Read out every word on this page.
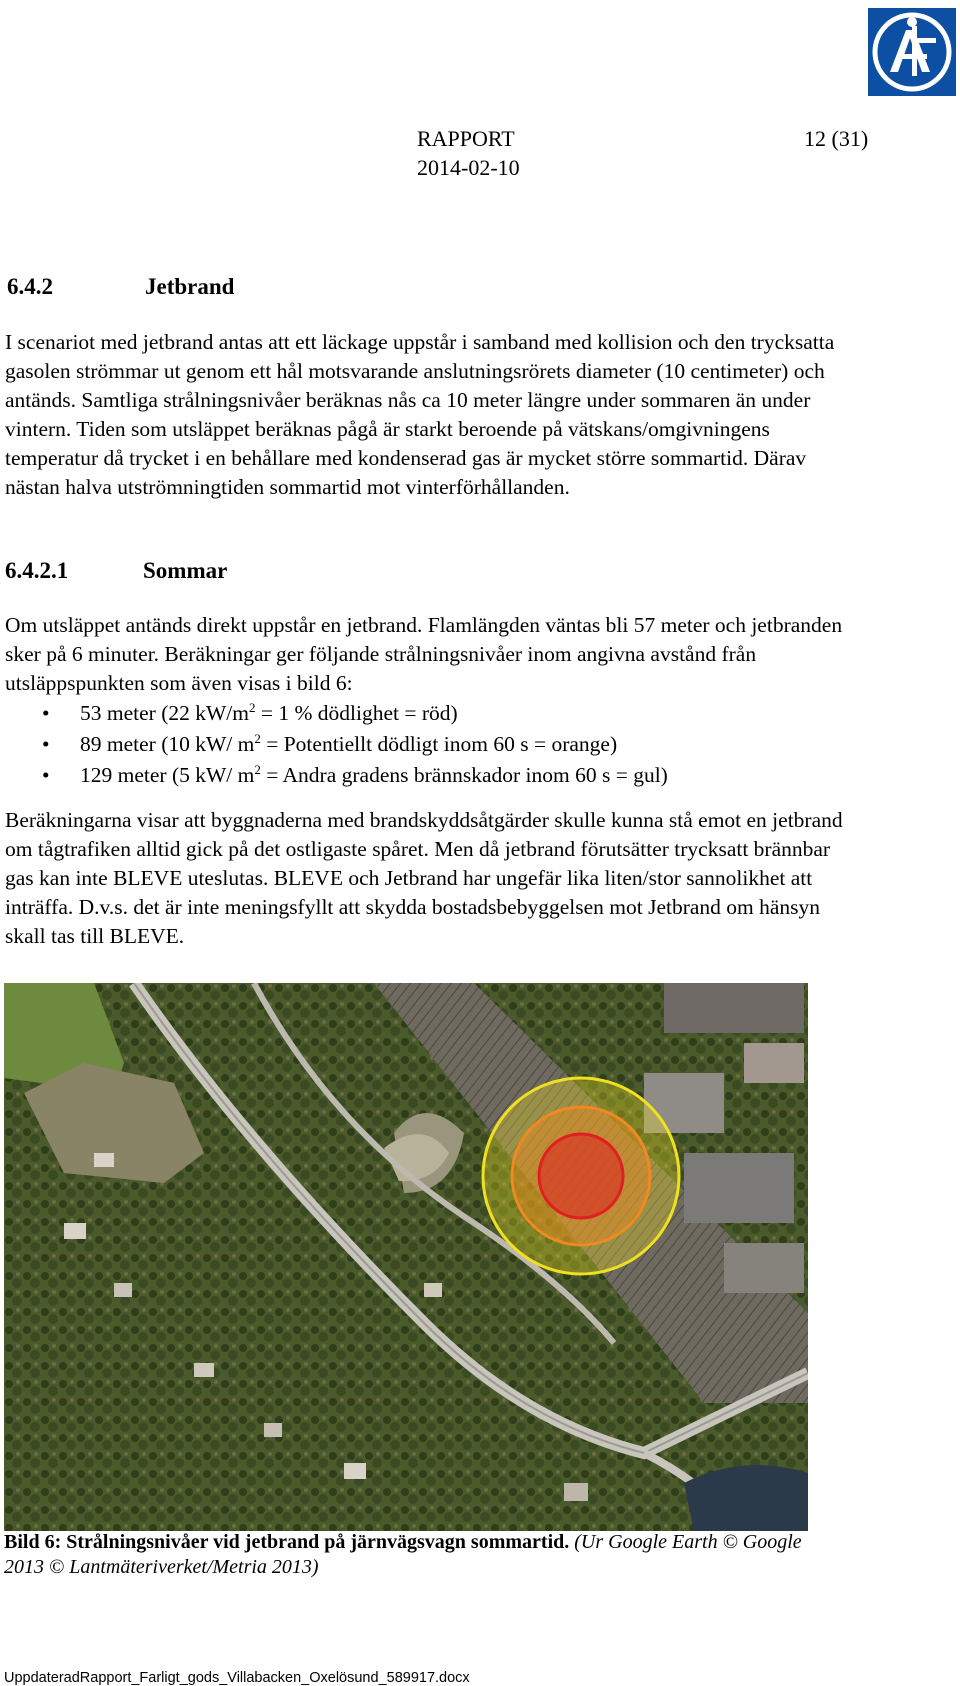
RAPPORT	12 (31)
2014-02-10
6.4.2	Jetbrand

I scenariot med jetbrand antas att ett läckage uppstår i samband med kollision och den trycksatta gasolen strömmar ut genom ett hål motsvarande anslutningsrörets diameter (10 centimeter) och antänds. Samtliga strålningsnivåer beräknas nås ca 10 meter längre under sommaren än under vintern. Tiden som utsläppet beräknas pågå är starkt beroende på vätskans/omgivningens temperatur då trycket i en behållare med kondenserad gas är mycket större sommartid. Därav nästan halva utströmningtiden sommartid mot vinterförhållanden.

6.4.2.1	Sommar

Om utsläppet antänds direkt uppstår en jetbrand. Flamlängden väntas bli 57 meter och jetbranden sker på 6 minuter. Beräkningar ger följande strålningsnivåer inom angivna avstånd från utsläppspunkten som även visas i bild 6:

• 53 meter (22 $kW/m^2 = 1$ % dödlighet = röd)
• 89 meter (10 kW/ $m^2$ = Potentiellt dödligt inom 60 s = orange)
• 129 meter (5 kW/ $m^2$ = Andra gradens brännskador inom 60 s = gul)

Beräkningarna visar att byggnaderna med brandskyddsåtgärder skulle kunna stå emot en jetbrand om tågtrafiken alltid gick på det ostligaste spåret. Men då jetbrand förutsätter trycksatt brännbar gas kan inte BLEVE uteslutas. BLEVE och Jetbrand har ungefär lika liten/stor sannolikhet att inträffa. D.v.s. det är inte meningsfyllt att skydda bostadsbebyggelsen mot Jetbrand om hänsyn skall tas till BLEVE.

Bild 6: Strålningsnivåer vid jetbrand på järnvägsvagn sommartid. (Ur Google Earth © Google 2013 © Lantmäteriverket/Metria 2013)
UppdateradRapport_Farligt_gods_Villabacken_Oxelösund_589917.docx
